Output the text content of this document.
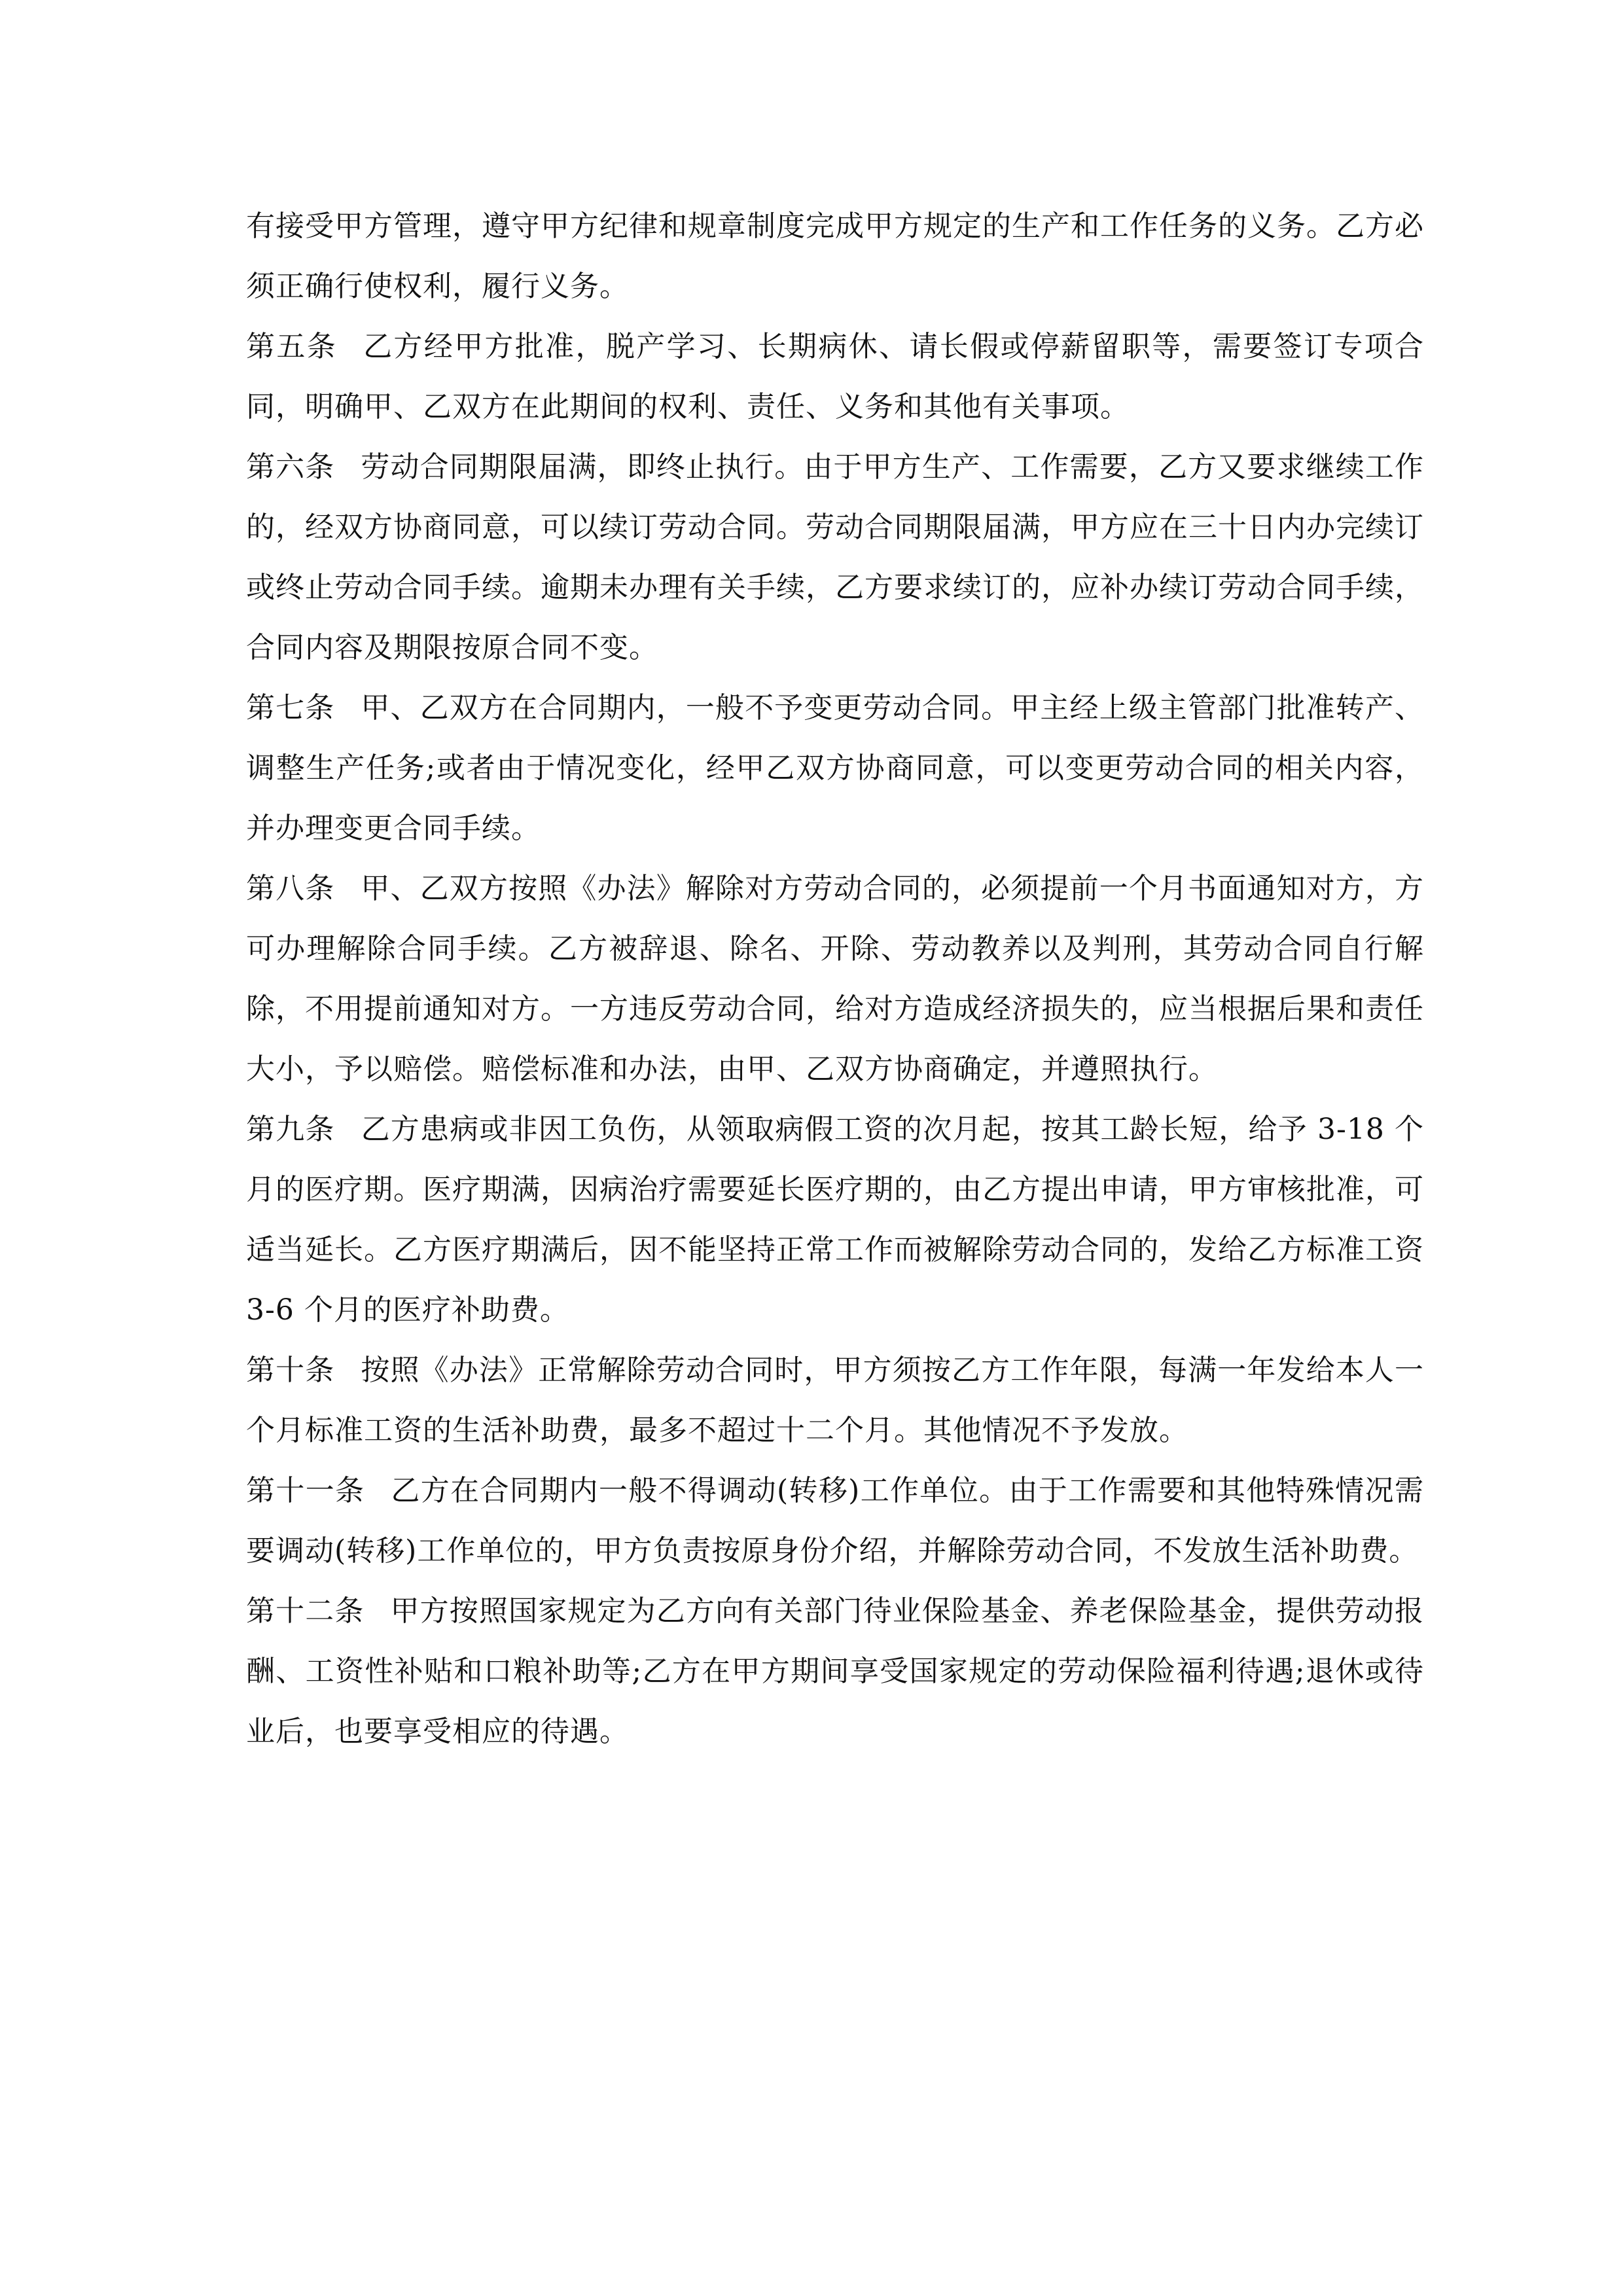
有接受甲方管理，遵守甲方纪律和规章制度完成甲方规定的生产和工作任务的义务。乙方必须正确行使权利，履行义务。

第五条 乙方经甲方批准，脱产学习、长期病休、请长假或停薪留职等，需要签订专项合同，明确甲、乙双方在此期间的权利、责任、义务和其他有关事项。

第六条 劳动合同期限届满，即终止执行。由于甲方生产、工作需要，乙方又要求继续工作的，经双方协商同意，可以续订劳动合同。劳动合同期限届满，甲方应在三十日内办完续订或终止劳动合同手续。逾期未办理有关手续，乙方要求续订的，应补办续订劳动合同手续，合同内容及期限按原合同不变。

第七条 甲、乙双方在合同期内，一般不予变更劳动合同。甲主经上级主管部门批准转产、调整生产任务;或者由于情况变化，经甲乙双方协商同意，可以变更劳动合同的相关内容，并办理变更合同手续。

第八条 甲、乙双方按照《办法》解除对方劳动合同的，必须提前一个月书面通知对方，方可办理解除合同手续。乙方被辞退、除名、开除、劳动教养以及判刑，其劳动合同自行解除，不用提前通知对方。一方违反劳动合同，给对方造成经济损失的，应当根据后果和责任大小，予以赔偿。赔偿标准和办法，由甲、乙双方协商确定，并遵照执行。

第九条 乙方患病或非因工负伤，从领取病假工资的次月起，按其工龄长短，给予 3-18 个月的医疗期。医疗期满，因病治疗需要延长医疗期的，由乙方提出申请，甲方审核批准，可适当延长。乙方医疗期满后，因不能坚持正常工作而被解除劳动合同的，发给乙方标准工资 3-6 个月的医疗补助费。

第十条 按照《办法》正常解除劳动合同时，甲方须按乙方工作年限，每满一年发给本人一个月标准工资的生活补助费，最多不超过十二个月。其他情况不予发放。

第十一条 乙方在合同期内一般不得调动(转移)工作单位。由于工作需要和其他特殊情况需要调动(转移)工作单位的，甲方负责按原身份介绍，并解除劳动合同，不发放生活补助费。

第十二条 甲方按照国家规定为乙方向有关部门待业保险基金、养老保险基金，提供劳动报酬、工资性补贴和口粮补助等;乙方在甲方期间享受国家规定的劳动保险福利待遇;退休或待业后，也要享受相应的待遇。
